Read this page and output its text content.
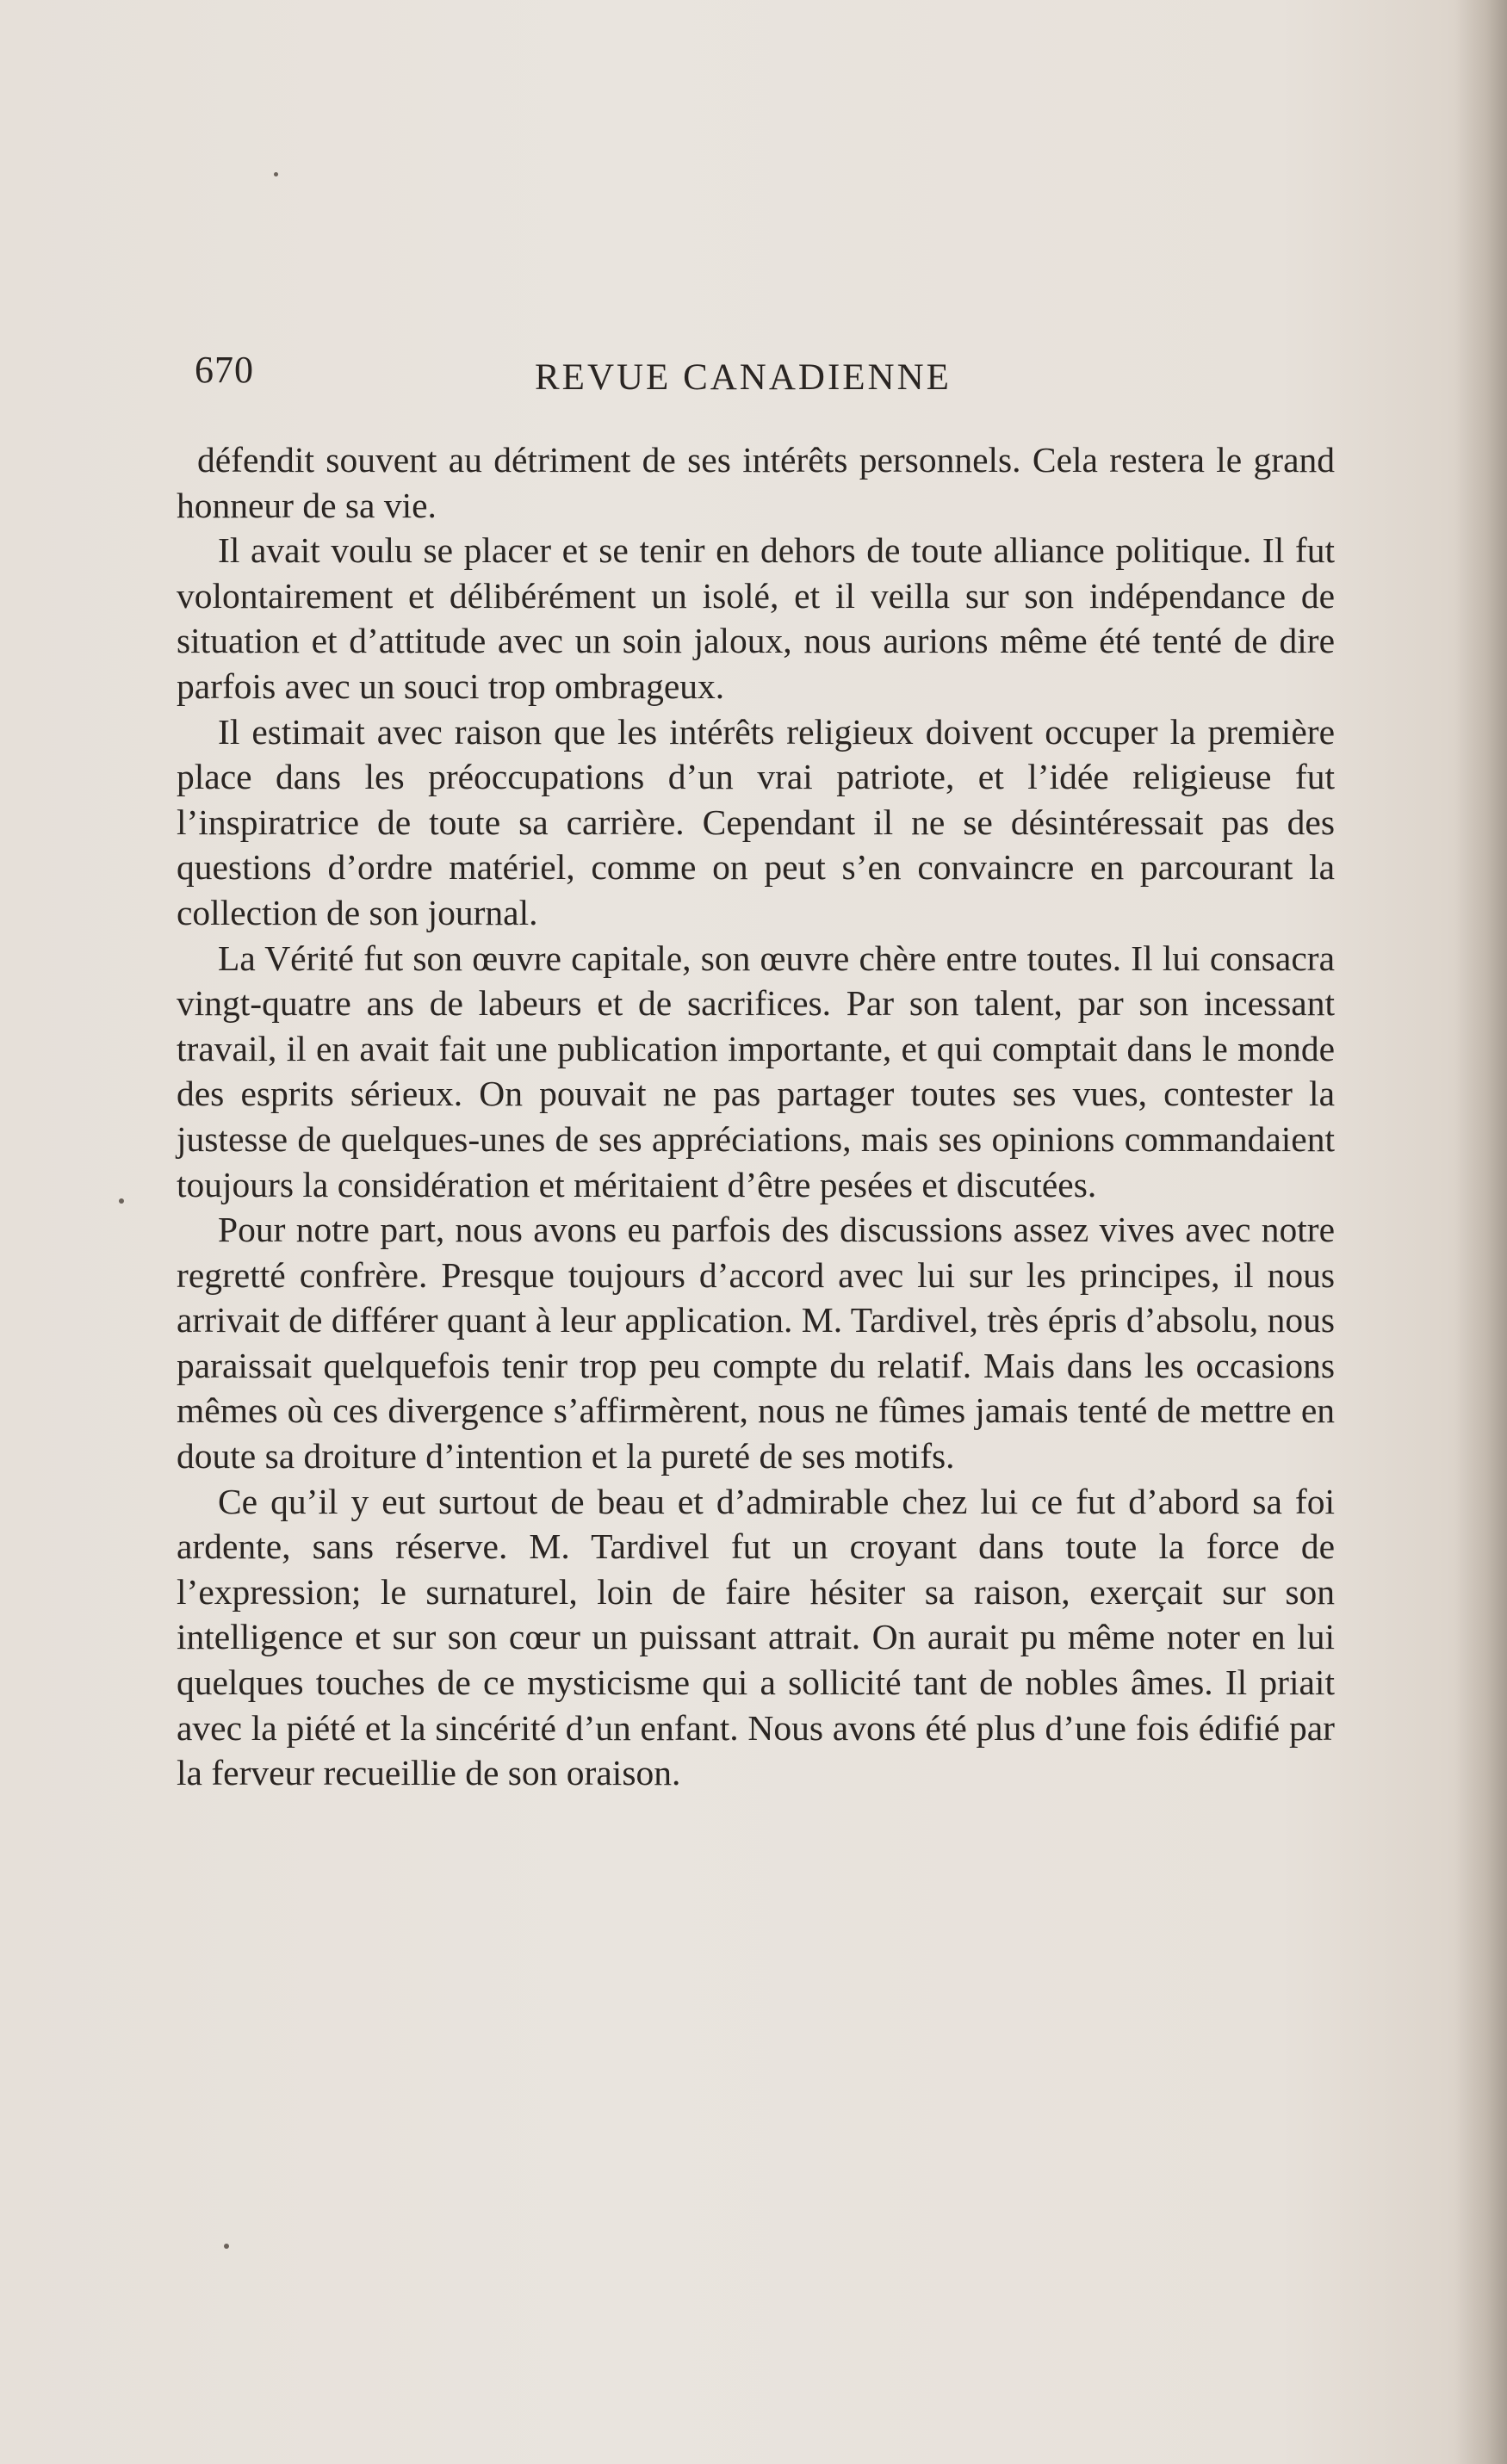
670	REVUE CANADIENNE

défendit souvent au détriment de ses intérêts personnels. Cela restera le grand honneur de sa vie.

Il avait voulu se placer et se tenir en dehors de toute alliance politique. Il fut volontairement et délibérément un isolé, et il veilla sur son indépendance de situation et d’attitude avec un soin jaloux, nous aurions même été tenté de dire parfois avec un souci trop ombrageux.

Il estimait avec raison que les intérêts religieux doivent occuper la première place dans les préoccupations d’un vrai patriote, et l’idée religieuse fut l’inspiratrice de toute sa carrière. Cependant il ne se désintéressait pas des questions d’ordre matériel, comme on peut s’en convaincre en parcourant la collection de son journal.

La Vérité fut son œuvre capitale, son œuvre chère entre toutes. Il lui consacra vingt-quatre ans de labeurs et de sacrifices. Par son talent, par son incessant travail, il en avait fait une publication importante, et qui comptait dans le monde des esprits sérieux. On pouvait ne pas partager toutes ses vues, contester la justesse de quelques-unes de ses appréciations, mais ses opinions commandaient toujours la considération et méritaient d’être pesées et discutées.

Pour notre part, nous avons eu parfois des discussions assez vives avec notre regretté confrère. Presque toujours d’accord avec lui sur les principes, il nous arrivait de différer quant à leur application. M. Tardivel, très épris d’absolu, nous paraissait quelquefois tenir trop peu compte du relatif. Mais dans les occasions mêmes où ces divergence s’affirmèrent, nous ne fûmes jamais tenté de mettre en doute sa droiture d’intention et la pureté de ses motifs.

Ce qu’il y eut surtout de beau et d’admirable chez lui ce fut d’abord sa foi ardente, sans réserve. M. Tardivel fut un croyant dans toute la force de l’expression; le surnaturel, loin de faire hésiter sa raison, exerçait sur son intelligence et sur son cœur un puissant attrait. On aurait pu même noter en lui quelques touches de ce mysticisme qui a sollicité tant de nobles âmes. Il priait avec la piété et la sincérité d’un enfant. Nous avons été plus d’une fois édifié par la ferveur recueillie de son oraison.
